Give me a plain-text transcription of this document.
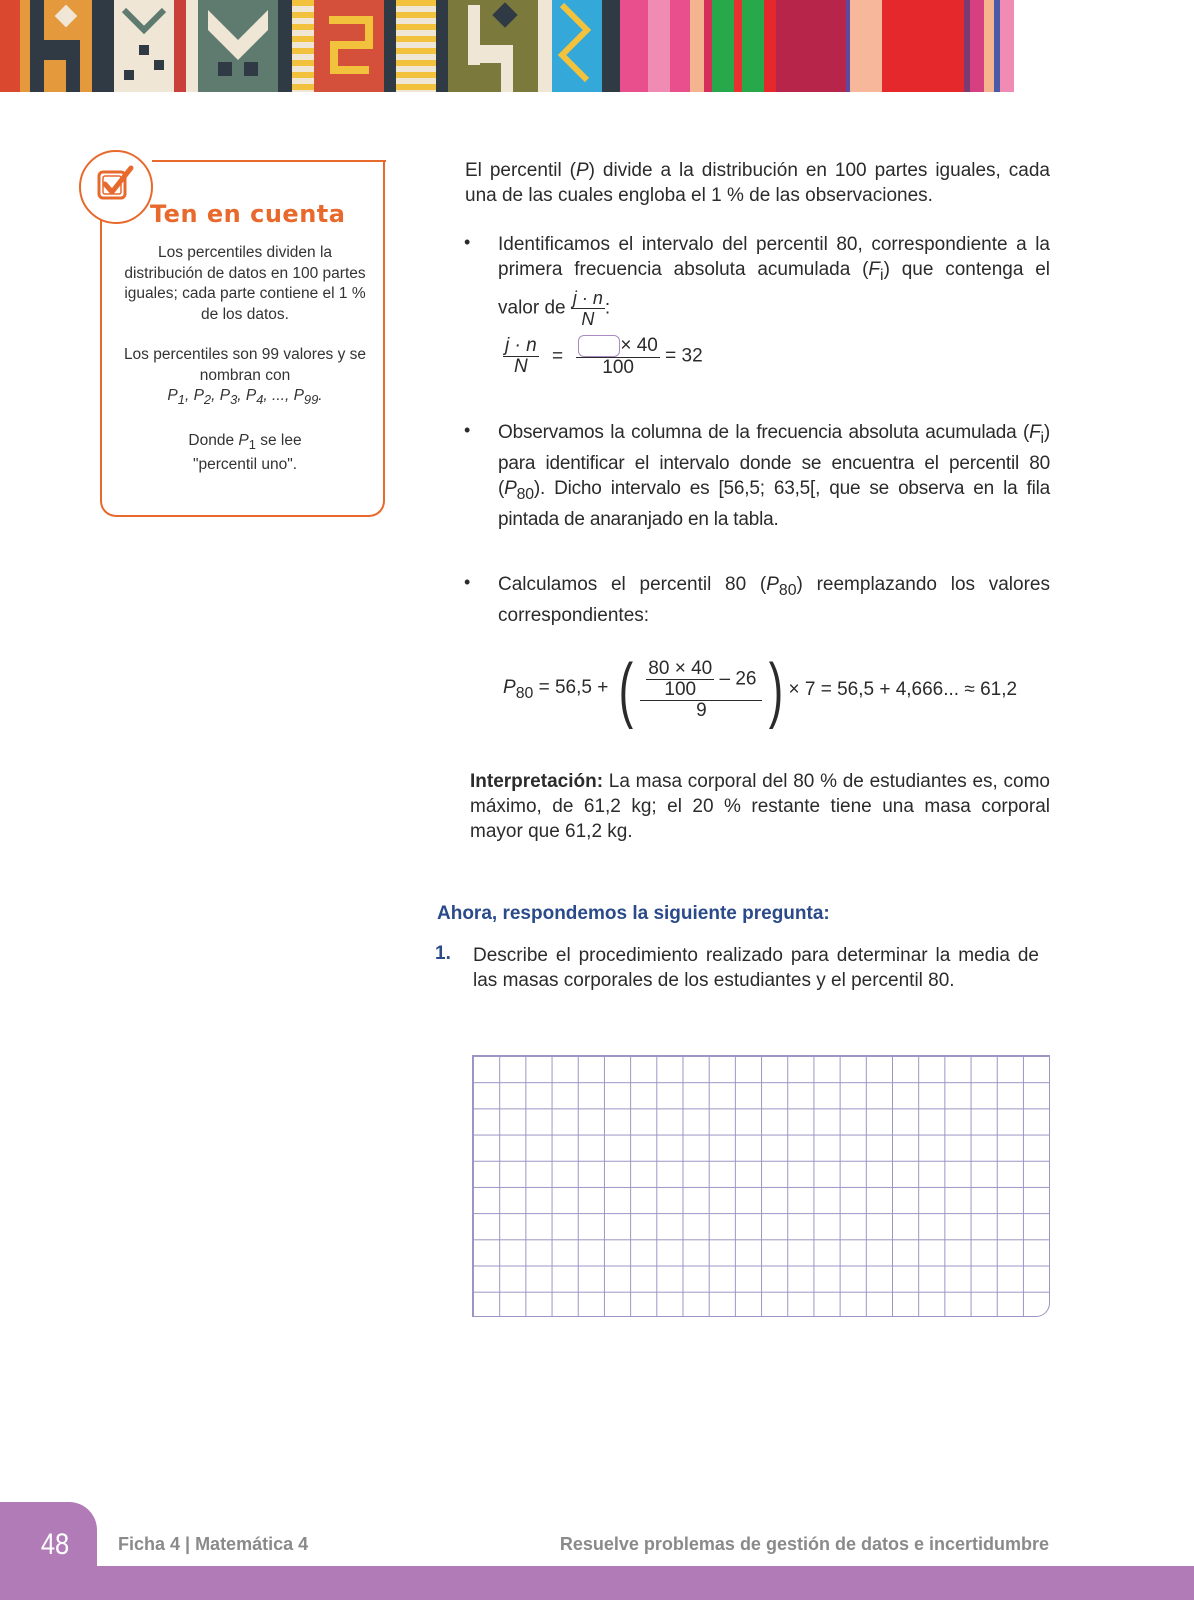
Ten en cuenta

Los percentiles dividen la distribución de datos en 100 partes iguales; cada parte contiene el 1 % de los datos.

Los percentiles son 99 valores y se nombran con
$P_1$, $P_2$, $P_3$, $P_4$, ..., $P_{99}$.

Donde $P_1$ se lee
"percentil uno".

El percentil (P) divide a la distribución en 100 partes iguales, cada una de las cuales engloba el 1 % de las observaciones.
• Identificamos el intervalo del percentil 80, correspondiente a la primera frecuencia absoluta acumulada $(F_i)$ que contenga el valor de $\frac{j \cdot n}{N}$ :
$\frac{j \cdot n}{N} = \frac{\times 40}{100} = 32$
• Observamos la columna de la frecuencia absoluta acumulada $(F_i)$ para identificar el intervalo donde se encuentra el percentil 80 $(P_{80})$. Dicho intervalo es [56,5; 63,5[, que se observa en la fila pintada de anaranjado en la tabla.
• Calculamos el percentil 80 $(P_{80})$ reemplazando los valores correspondientes:
$P_{80} = 56,5$ + ( $\frac{\frac{80 \times 40}{100} - 26}{9}$ ) × 7 = 56,5 + 4,666... ≈ 61,2
Interpretación: La masa corporal del 80 % de estudiantes es, como máximo, de 61,2 kg; el 20 % restante tiene una masa corporal mayor que 61,2 kg.
Ahora, respondemos la siguiente pregunta:
1. Describe el procedimiento realizado para determinar la media de las masas corporales de los estudiantes y el percentil 80.
48	Ficha 4 | Matemática 4	Resuelve problemas de gestión de datos e incertidumbre
